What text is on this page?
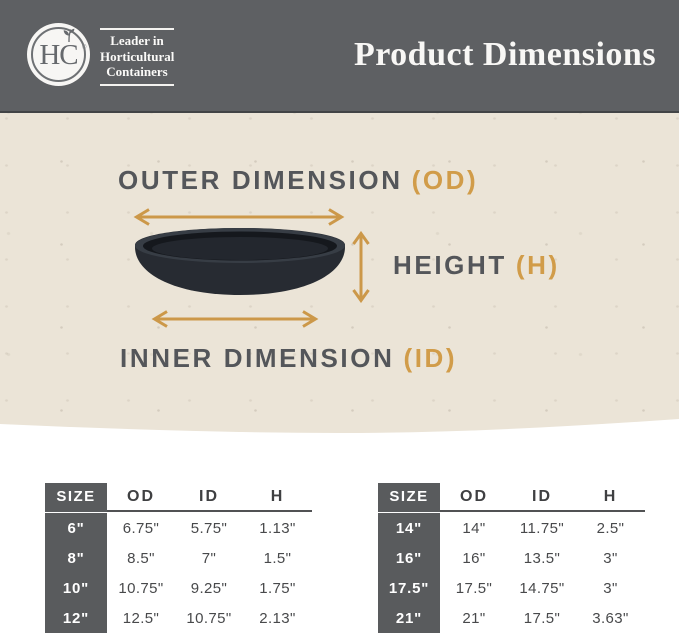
HC ®	Leader in
Horticultural
Containers	Product Dimensions
OUTER DIMENSION (OD)
HEIGHT (H)
INNER DIMENSION (ID)
SIZE	OD	ID	H
6"	6.75"	5.75"	1.13"
8"	8.5"	7"	1.5"
10"	10.75"	9.25"	1.75"
12"	12.5"	10.75"	2.13"
SIZE	OD	ID	H
14"	14"	11.75"	2.5"
16"	16"	13.5"	3"
17.5"	17.5"	14.75"	3"
21"	21"	17.5"	3.63"
